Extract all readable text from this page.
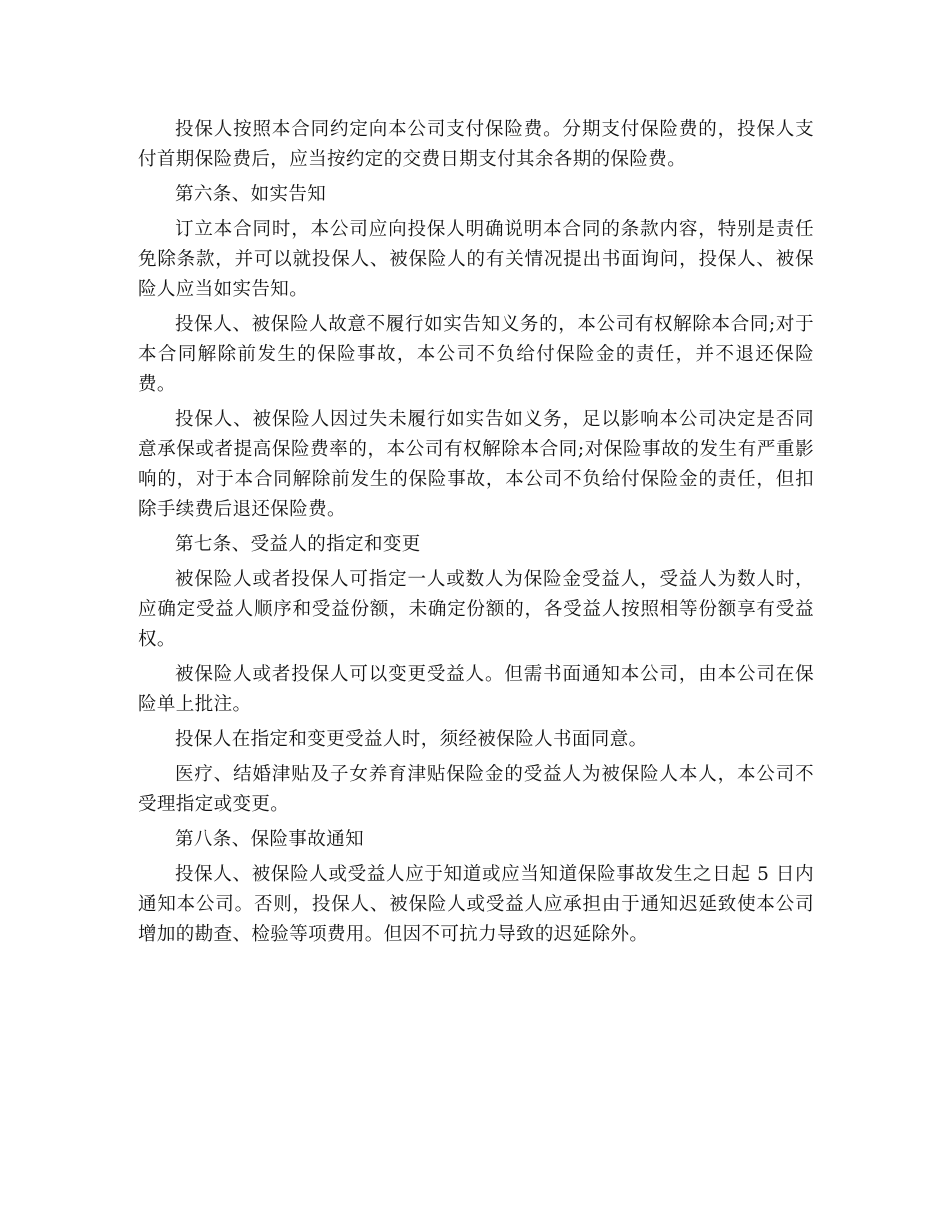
投保人按照本合同约定向本公司支付保险费。分期支付保险费的，投保人支付首期保险费后，应当按约定的交费日期支付其余各期的保险费。

第六条、如实告知

订立本合同时，本公司应向投保人明确说明本合同的条款内容，特别是责任免除条款，并可以就投保人、被保险人的有关情况提出书面询问，投保人、被保险人应当如实告知。

投保人、被保险人故意不履行如实告知义务的，本公司有权解除本合同;对于本合同解除前发生的保险事故，本公司不负给付保险金的责任，并不退还保险费。

投保人、被保险人因过失未履行如实告如义务，足以影响本公司决定是否同意承保或者提高保险费率的，本公司有权解除本合同;对保险事故的发生有严重影响的，对于本合同解除前发生的保险事故，本公司不负给付保险金的责任，但扣除手续费后退还保险费。

第七条、受益人的指定和变更

被保险人或者投保人可指定一人或数人为保险金受益人，受益人为数人时，应确定受益人顺序和受益份额，未确定份额的，各受益人按照相等份额享有受益权。

被保险人或者投保人可以变更受益人。但需书面通知本公司，由本公司在保险单上批注。

投保人在指定和变更受益人时，须经被保险人书面同意。

医疗、结婚津贴及子女养育津贴保险金的受益人为被保险人本人，本公司不受理指定或变更。

第八条、保险事故通知

投保人、被保险人或受益人应于知道或应当知道保险事故发生之日起 5 日内通知本公司。否则，投保人、被保险人或受益人应承担由于通知迟延致使本公司增加的勘查、检验等项费用。但因不可抗力导致的迟延除外。
